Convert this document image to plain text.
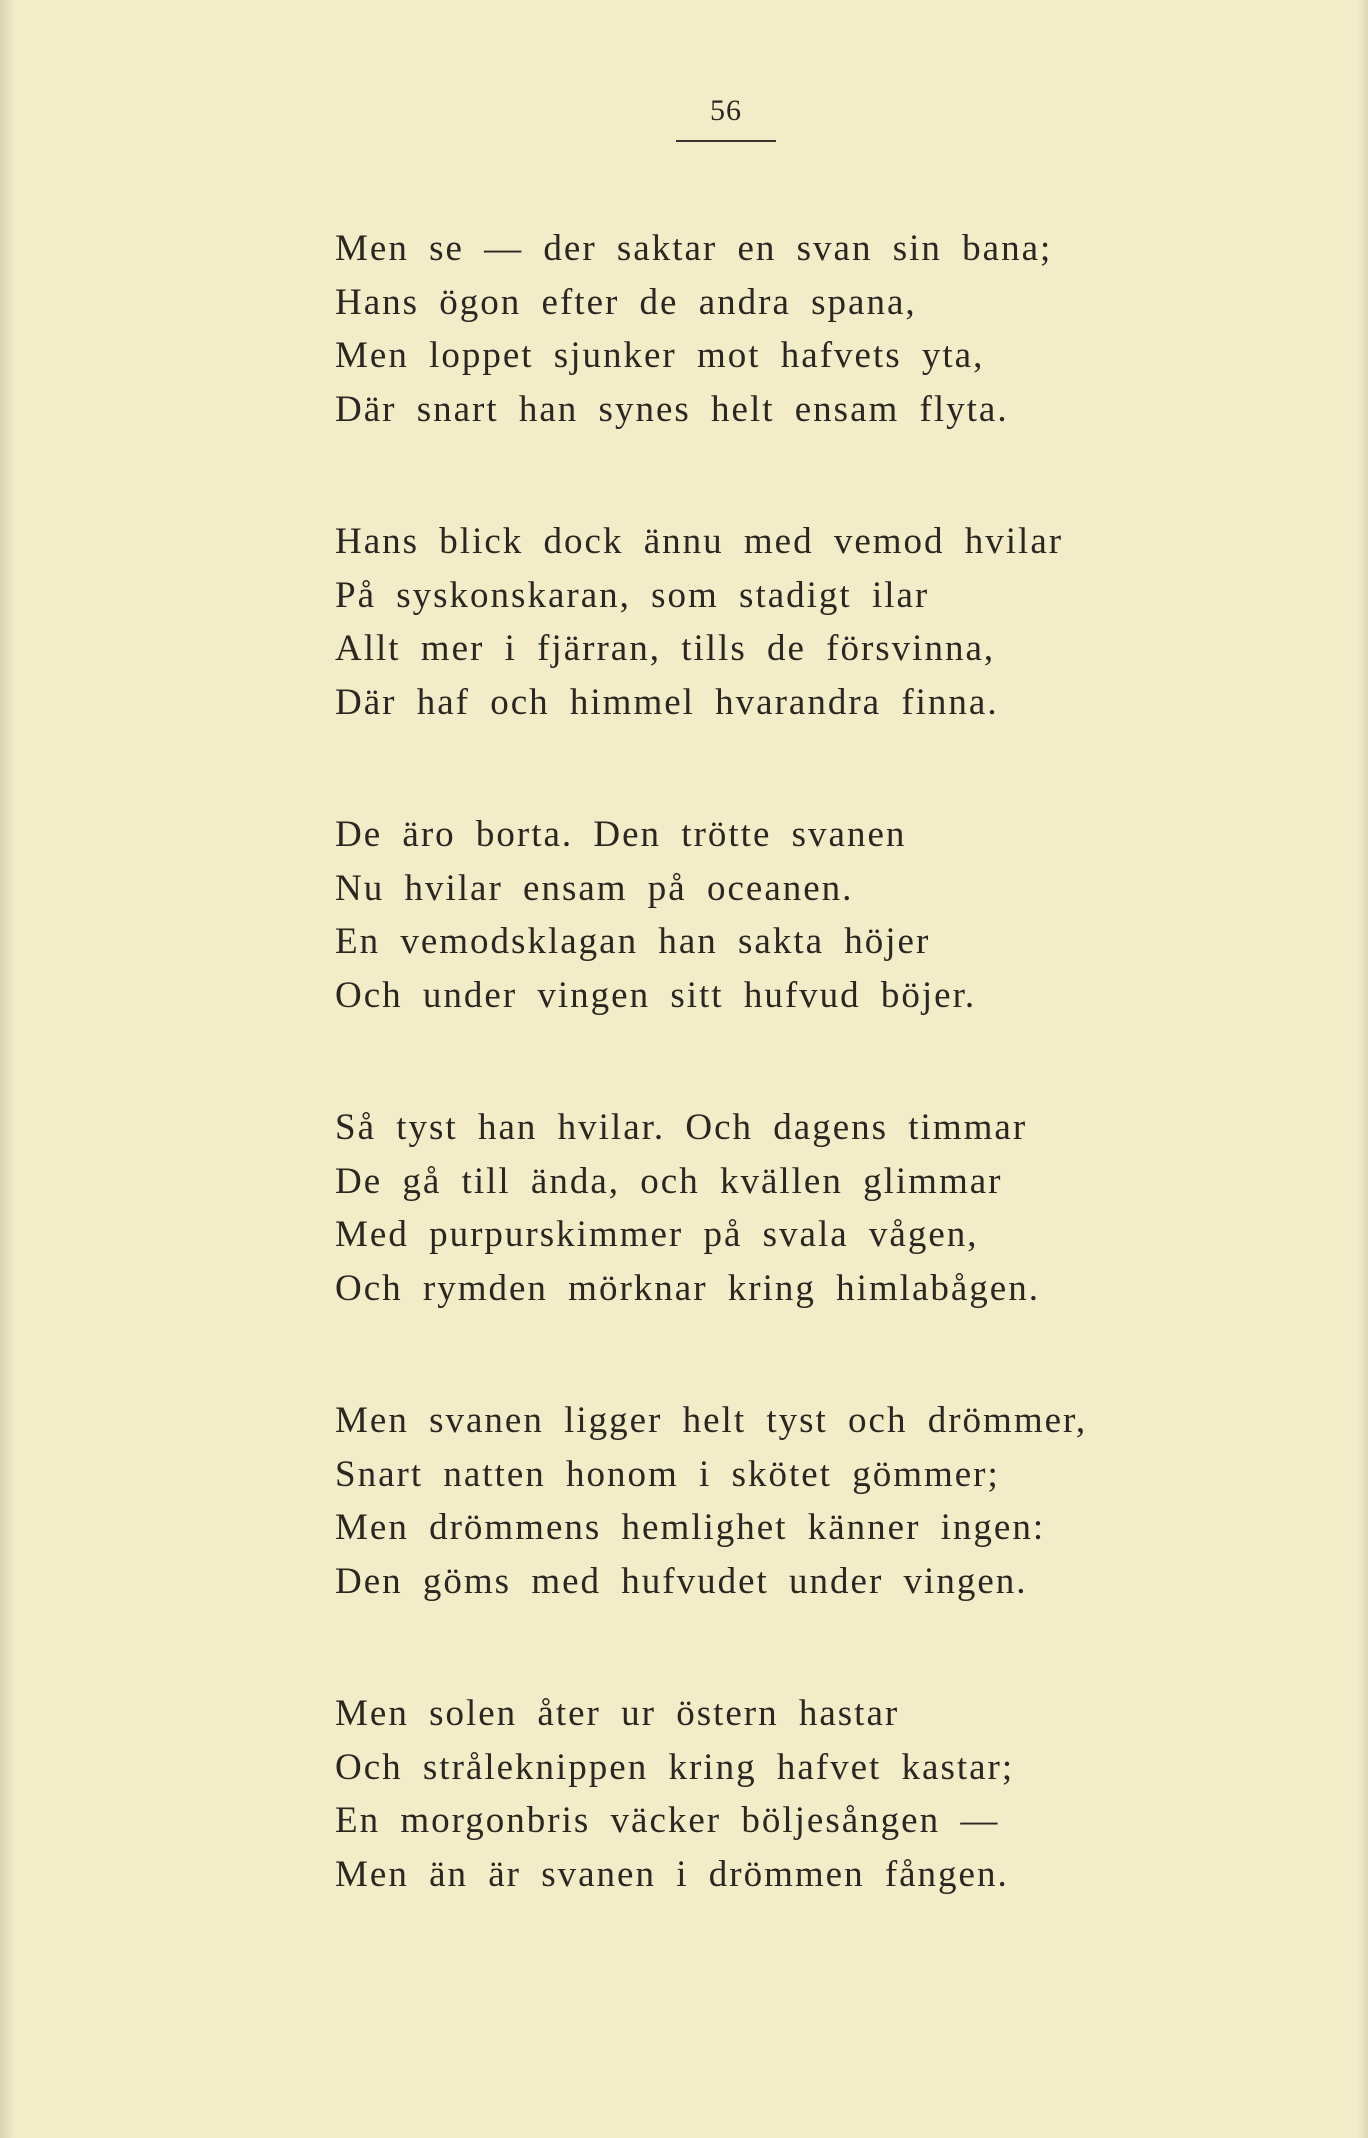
56
Men se — der saktar en svan sin bana;
Hans ögon efter de andra spana,
Men loppet sjunker mot hafvets yta,
Där snart han synes helt ensam flyta.
Hans blick dock ännu med vemod hvilar
På syskonskaran, som stadigt ilar
Allt mer i fjärran, tills de försvinna,
Där haf och himmel hvarandra finna.
De äro borta. Den trötte svanen
Nu hvilar ensam på oceanen.
En vemodsklagan han sakta höjer
Och under vingen sitt hufvud böjer.
Så tyst han hvilar. Och dagens timmar
De gå till ända, och kvällen glimmar
Med purpurskimmer på svala vågen,
Och rymden mörknar kring himlabågen.
Men svanen ligger helt tyst och drömmer,
Snart natten honom i skötet gömmer;
Men drömmens hemlighet känner ingen:
Den göms med hufvudet under vingen.
Men solen åter ur östern hastar
Och stråleknippen kring hafvet kastar;
En morgonbris väcker böljesången —
Men än är svanen i drömmen fången.
